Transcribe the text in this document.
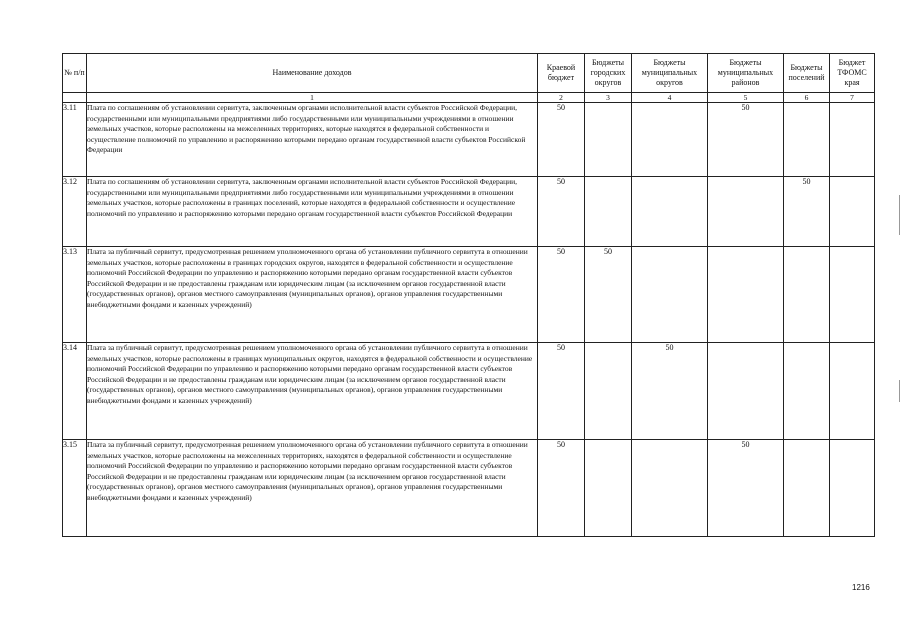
№ п/п	Наименование доходов	Краевой бюджет	Бюджеты городских округов	Бюджеты муниципальных округов	Бюджеты муниципальных районов	Бюджеты поселений	Бюджет ТФОМС края
	1	2	3	4	5	6	7
3.11	Плата по соглашениям об установлении сервитута, заключенным органами исполнительной власти субъектов Российской Федерации, государственными или муниципальными предприятиями либо государственными или муниципальными учреждениями в отношении земельных участков, которые расположены на межселенных территориях, которые находятся в федеральной собственности и осуществление полномочий по управлению и распоряжению которыми передано органам государственной власти субъектов Российской Федерации	50			50		
3.12	Плата по соглашениям об установлении сервитута, заключенным органами исполнительной власти субъектов Российской Федерации, государственными или муниципальными предприятиями либо государственными или муниципальными учреждениями в отношении земельных участков, которые расположены в границах поселений, которые находятся в федеральной собственности и осуществление полномочий по управлению и распоряжению которыми передано органам государственной власти субъектов Российской Федерации	50				50	
3.13	Плата за публичный сервитут, предусмотренная решением уполномоченного органа об установлении публичного сервитута в отношении земельных участков, которые расположены в границах городских округов, находятся в федеральной собственности и осуществление полномочий Российской Федерации по управлению и распоряжению которыми передано органам государственной власти субъектов Российской Федерации и не предоставлены гражданам или юридическим лицам (за исключением органов государственной власти (государственных органов), органов местного самоуправления (муниципальных органов), органов управления государственными внебюджетными фондами и казенных учреждений)	50	50				
3.14	Плата за публичный сервитут, предусмотренная решением уполномоченного органа об установлении публичного сервитута в отношении земельных участков, которые расположены в границах муниципальных округов, находятся в федеральной собственности и осуществление полномочий Российской Федерации по управлению и распоряжению которыми передано органам государственной власти субъектов Российской Федерации и не предоставлены гражданам или юридическим лицам (за исключением органов государственной власти (государственных органов), органов местного самоуправления (муниципальных органов), органов управления государственными внебюджетными фондами и казенных учреждений)	50		50			
3.15	Плата за публичный сервитут, предусмотренная решением уполномоченного органа об установлении публичного сервитута в отношении земельных участков, которые расположены на межселенных территориях, находятся в федеральной собственности и осуществление полномочий Российской Федерации по управлению и распоряжению которыми передано органам государственной власти субъектов Российской Федерации и не предоставлены гражданам или юридическим лицам (за исключением органов государственной власти (государственных органов), органов местного самоуправления (муниципальных органов), органов управления государственными внебюджетными фондами и казенных учреждений)	50			50		
1216
